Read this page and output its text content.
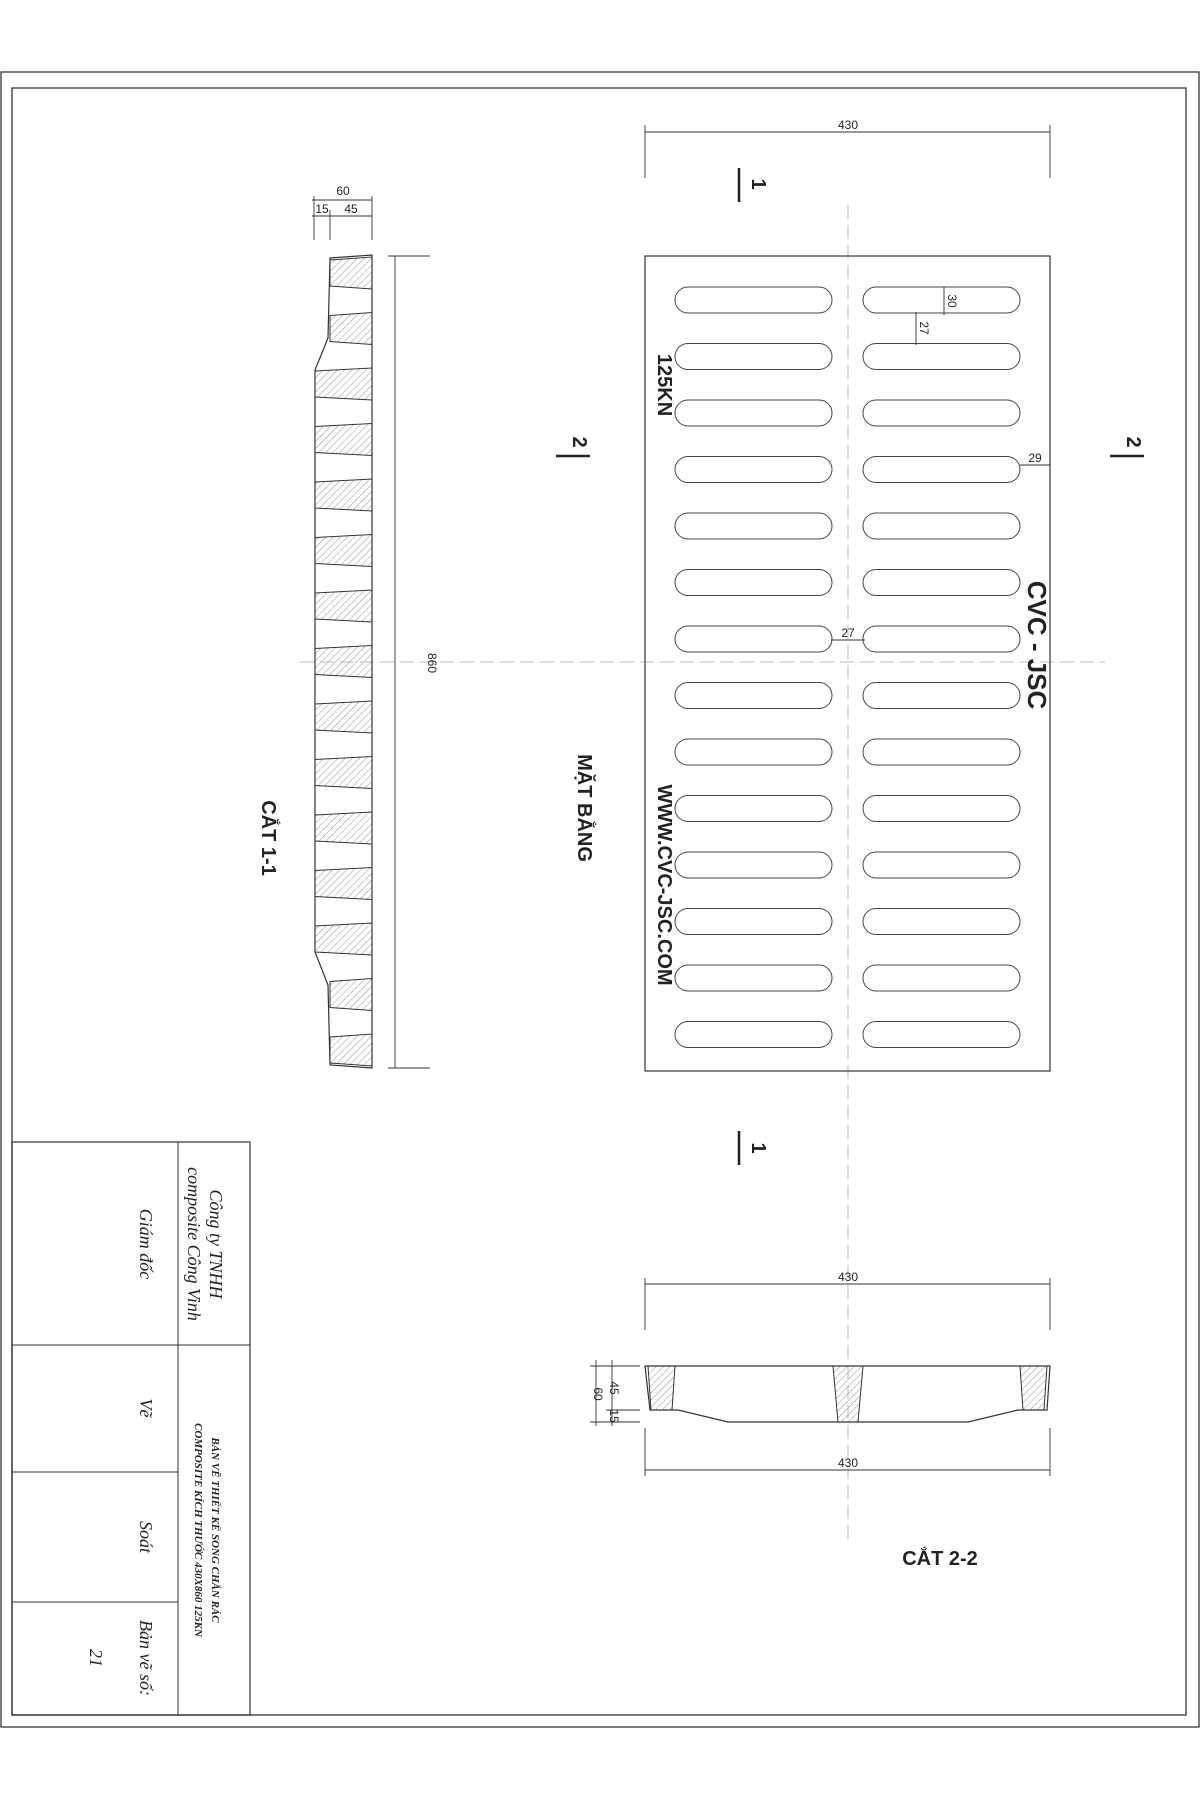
430
30
27
29
27
125KN
CVC - JSC
WWW.CVC-JSC.COM
MẶT BẰNG
1
1
2	2
860
60
15 45
CẮT 1-1
430
430
60 45
15
CẮT 2-2
Công ty TNHH
composite Công Vinh
BẢN VẼ THIẾT KẾ SONG CHẮN RÁC
COMPOSITE KÍCH THƯỚC 430X860 125KN
Giám đốc
Vẽ
Soát
Bản vẽ số:
21
